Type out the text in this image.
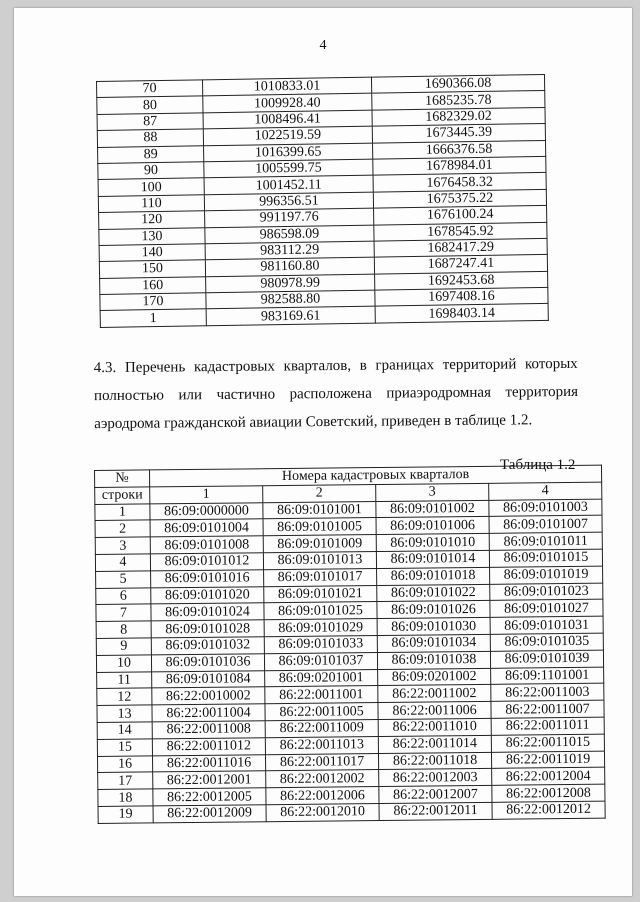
4
70	1010833.01	1690366.08
80	1009928.40	1685235.78
87	1008496.41	1682329.02
88	1022519.59	1673445.39
89	1016399.65	1666376.58
90	1005599.75	1678984.01
100	1001452.11	1676458.32
110	996356.51	1675375.22
120	991197.76	1676100.24
130	986598.09	1678545.92
140	983112.29	1682417.29
150	981160.80	1687247.41
160	980978.99	1692453.68
170	982588.80	1697408.16
1	983169.61	1698403.14
4.3. Перечень кадастровых кварталов, в границах территорий которых полностью или частично расположена приаэродромная территория аэродрома гражданской авиации Советский, приведен в таблице 1.2.
Таблица 1.2
№	Номера кадастровых кварталов			
строки	1	2	3	4
1	86:09:0000000	86:09:0101001	86:09:0101002	86:09:0101003
2	86:09:0101004	86:09:0101005	86:09:0101006	86:09:0101007
3	86:09:0101008	86:09:0101009	86:09:0101010	86:09:0101011
4	86:09:0101012	86:09:0101013	86:09:0101014	86:09:0101015
5	86:09:0101016	86:09:0101017	86:09:0101018	86:09:0101019
6	86:09:0101020	86:09:0101021	86:09:0101022	86:09:0101023
7	86:09:0101024	86:09:0101025	86:09:0101026	86:09:0101027
8	86:09:0101028	86:09:0101029	86:09:0101030	86:09:0101031
9	86:09:0101032	86:09:0101033	86:09:0101034	86:09:0101035
10	86:09:0101036	86:09:0101037	86:09:0101038	86:09:0101039
11	86:09:0101084	86:09:0201001	86:09:0201002	86:09:1101001
12	86:22:0010002	86:22:0011001	86:22:0011002	86:22:0011003
13	86:22:0011004	86:22:0011005	86:22:0011006	86:22:0011007
14	86:22:0011008	86:22:0011009	86:22:0011010	86:22:0011011
15	86:22:0011012	86:22:0011013	86:22:0011014	86:22:0011015
16	86:22:0011016	86:22:0011017	86:22:0011018	86:22:0011019
17	86:22:0012001	86:22:0012002	86:22:0012003	86:22:0012004
18	86:22:0012005	86:22:0012006	86:22:0012007	86:22:0012008
19	86:22:0012009	86:22:0012010	86:22:0012011	86:22:0012012
